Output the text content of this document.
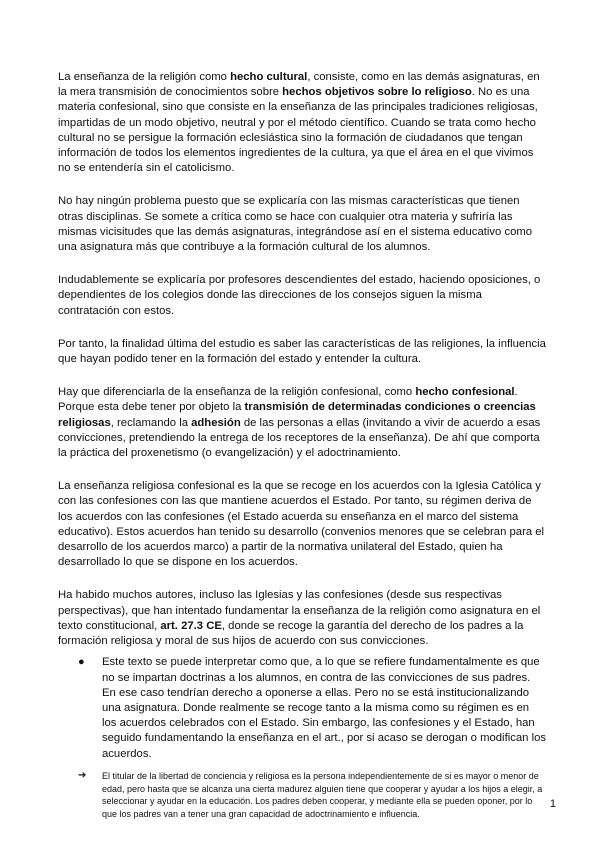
La enseñanza de la religión como hecho cultural, consiste, como en las demás asignaturas, en la mera transmisión de conocimientos sobre hechos objetivos sobre lo religioso. No es una materia confesional, sino que consiste en la enseñanza de las principales tradiciones religiosas, impartidas de un modo objetivo, neutral y por el método científico. Cuando se trata como hecho cultural no se persigue la formación eclesiástica sino la formación de ciudadanos que tengan información de todos los elementos ingredientes de la cultura, ya que el área en el que vivimos no se entendería sin el catolicismo.

No hay ningún problema puesto que se explicaría con las mismas características que tienen otras disciplinas. Se somete a crítica como se hace con cualquier otra materia y sufriría las mismas vicisitudes que las demás asignaturas, integrándose así en el sistema educativo como una asignatura más que contribuye a la formación cultural de los alumnos.

Indudablemente se explicaría por profesores descendientes del estado, haciendo oposiciones, o dependientes de los colegios donde las direcciones de los consejos siguen la misma contratación con estos.

Por tanto, la finalidad última del estudio es saber las características de las religiones, la influencia que hayan podido tener en la formación del estado y entender la cultura.

Hay que diferenciarla de la enseñanza de la religión confesional, como hecho confesional. Porque esta debe tener por objeto la transmisión de determinadas condiciones o creencias religiosas, reclamando la adhesión de las personas a ellas (invitando a vivir de acuerdo a esas convicciones, pretendiendo la entrega de los receptores de la enseñanza). De ahí que comporta la práctica del proxenetismo (o evangelización) y el adoctrinamiento.

La enseñanza religiosa confesional es la que se recoge en los acuerdos con la Iglesia Católica y con las confesiones con las que mantiene acuerdos el Estado. Por tanto, su régimen deriva de los acuerdos con las confesiones (el Estado acuerda su enseñanza en el marco del sistema educativo). Estos acuerdos han tenido su desarrollo (convenios menores que se celebran para el desarrollo de los acuerdos marco) a partir de la normativa unilateral del Estado, quien ha desarrollado lo que se dispone en los acuerdos.

Ha habido muchos autores, incluso las Iglesias y las confesiones (desde sus respectivas perspectivas), que han intentado fundamentar la enseñanza de la religión como asignatura en el texto constitucional, art. 27.3 CE, donde se recoge la garantía del derecho de los padres a la formación religiosa y moral de sus hijos de acuerdo con sus convicciones.

● Este texto se puede interpretar como que, a lo que se refiere fundamentalmente es que no se impartan doctrinas a los alumnos, en contra de las convicciones de sus padres. En ese caso tendrían derecho a oponerse a ellas. Pero no se está institucionalizando una asignatura. Donde realmente se recoge tanto a la misma como su régimen es en los acuerdos celebrados con el Estado. Sin embargo, las confesiones y el Estado, han seguido fundamentando la enseñanza en el art., por si acaso se derogan o modifican los acuerdos.
➔ El titular de la libertad de conciencia y religiosa es la persona independientemente de si es mayor o menor de edad, pero hasta que se alcanza una cierta madurez alguien tiene que cooperar y ayudar a los hijos a elegir, a seleccionar y ayudar en la educación. Los padres deben cooperar, y mediante ella se pueden oponer, por lo que los padres van a tener una gran capacidad de adoctrinamiento e influencia.
1
